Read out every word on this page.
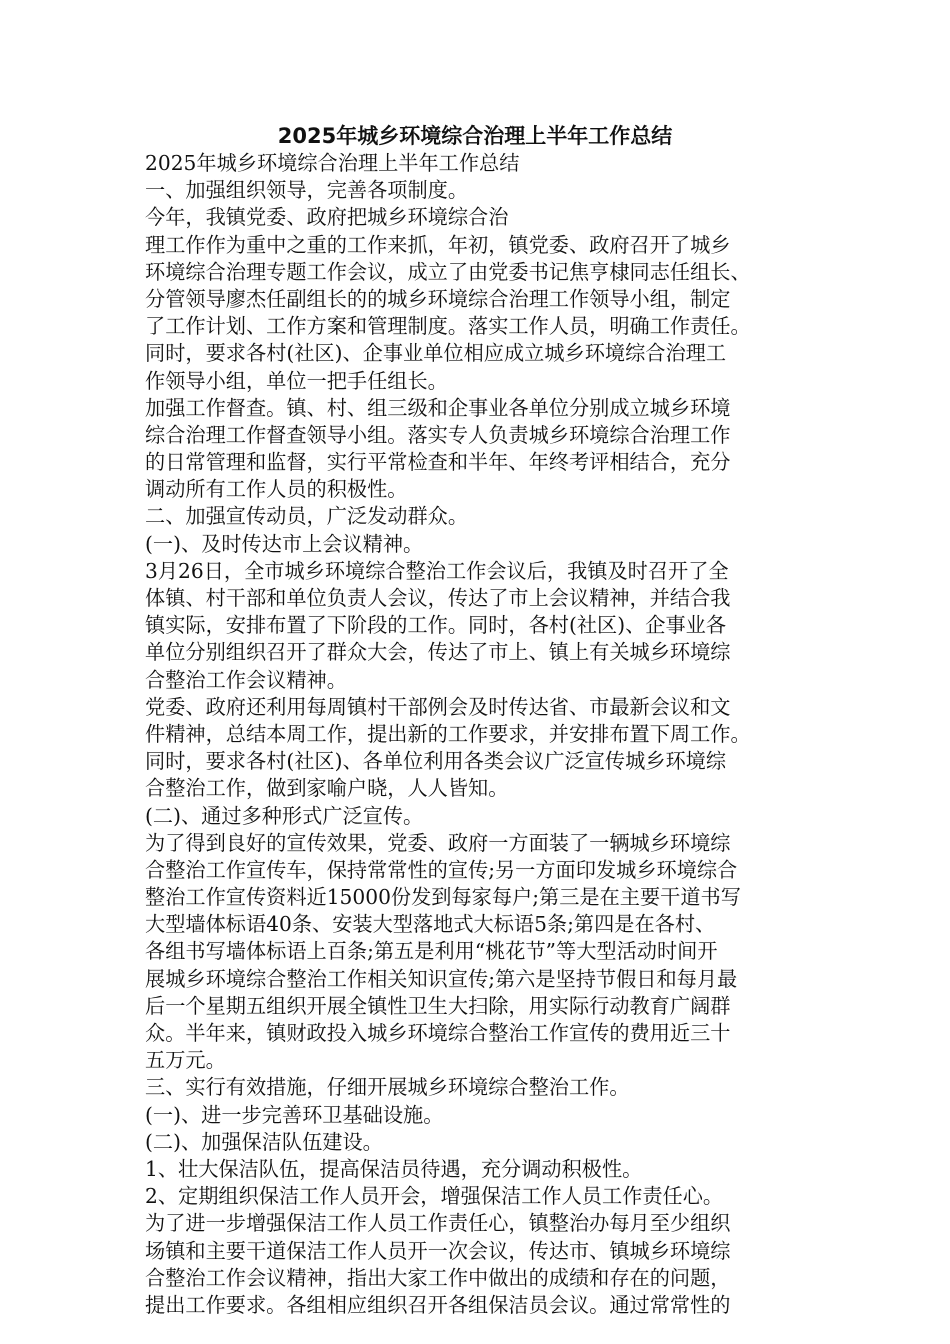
2025年城乡环境综合治理上半年工作总结
2025年城乡环境综合治理上半年工作总结
一、加强组织领导，完善各项制度。
今年，我镇党委、政府把城乡环境综合治
理工作作为重中之重的工作来抓，年初，镇党委、政府召开了城乡
环境综合治理专题工作会议，成立了由党委书记焦亨棣同志任组长、
分管领导廖杰任副组长的的城乡环境综合治理工作领导小组，制定
了工作计划、工作方案和管理制度。落实工作人员，明确工作责任。
同时，要求各村(社区)、企事业单位相应成立城乡环境综合治理工
作领导小组，单位一把手任组长。
加强工作督查。镇、村、组三级和企事业各单位分别成立城乡环境
综合治理工作督查领导小组。落实专人负责城乡环境综合治理工作
的日常管理和监督，实行平常检查和半年、年终考评相结合，充分
调动所有工作人员的积极性。
二、加强宣传动员，广泛发动群众。
(一)、及时传达市上会议精神。
3月26日，全市城乡环境综合整治工作会议后，我镇及时召开了全
体镇、村干部和单位负责人会议，传达了市上会议精神，并结合我
镇实际，安排布置了下阶段的工作。同时，各村(社区)、企事业各
单位分别组织召开了群众大会，传达了市上、镇上有关城乡环境综
合整治工作会议精神。
党委、政府还利用每周镇村干部例会及时传达省、市最新会议和文
件精神，总结本周工作，提出新的工作要求，并安排布置下周工作。
同时，要求各村(社区)、各单位利用各类会议广泛宣传城乡环境综
合整治工作，做到家喻户晓，人人皆知。
(二)、通过多种形式广泛宣传。
为了得到良好的宣传效果，党委、政府一方面装了一辆城乡环境综
合整治工作宣传车，保持常常性的宣传;另一方面印发城乡环境综合
整治工作宣传资料近15000份发到每家每户;第三是在主要干道书写
大型墙体标语40条、安装大型落地式大标语5条;第四是在各村、
各组书写墙体标语上百条;第五是利用“桃花节”等大型活动时间开
展城乡环境综合整治工作相关知识宣传;第六是坚持节假日和每月最
后一个星期五组织开展全镇性卫生大扫除，用实际行动教育广阔群
众。半年来，镇财政投入城乡环境综合整治工作宣传的费用近三十
五万元。
三、实行有效措施，仔细开展城乡环境综合整治工作。
(一)、进一步完善环卫基础设施。
(二)、加强保洁队伍建设。
1、壮大保洁队伍，提高保洁员待遇，充分调动积极性。
2、定期组织保洁工作人员开会，增强保洁工作人员工作责任心。
为了进一步增强保洁工作人员工作责任心，镇整治办每月至少组织
场镇和主要干道保洁工作人员开一次会议，传达市、镇城乡环境综
合整治工作会议精神，指出大家工作中做出的成绩和存在的问题，
提出工作要求。各组相应组织召开各组保洁员会议。通过常常性的
